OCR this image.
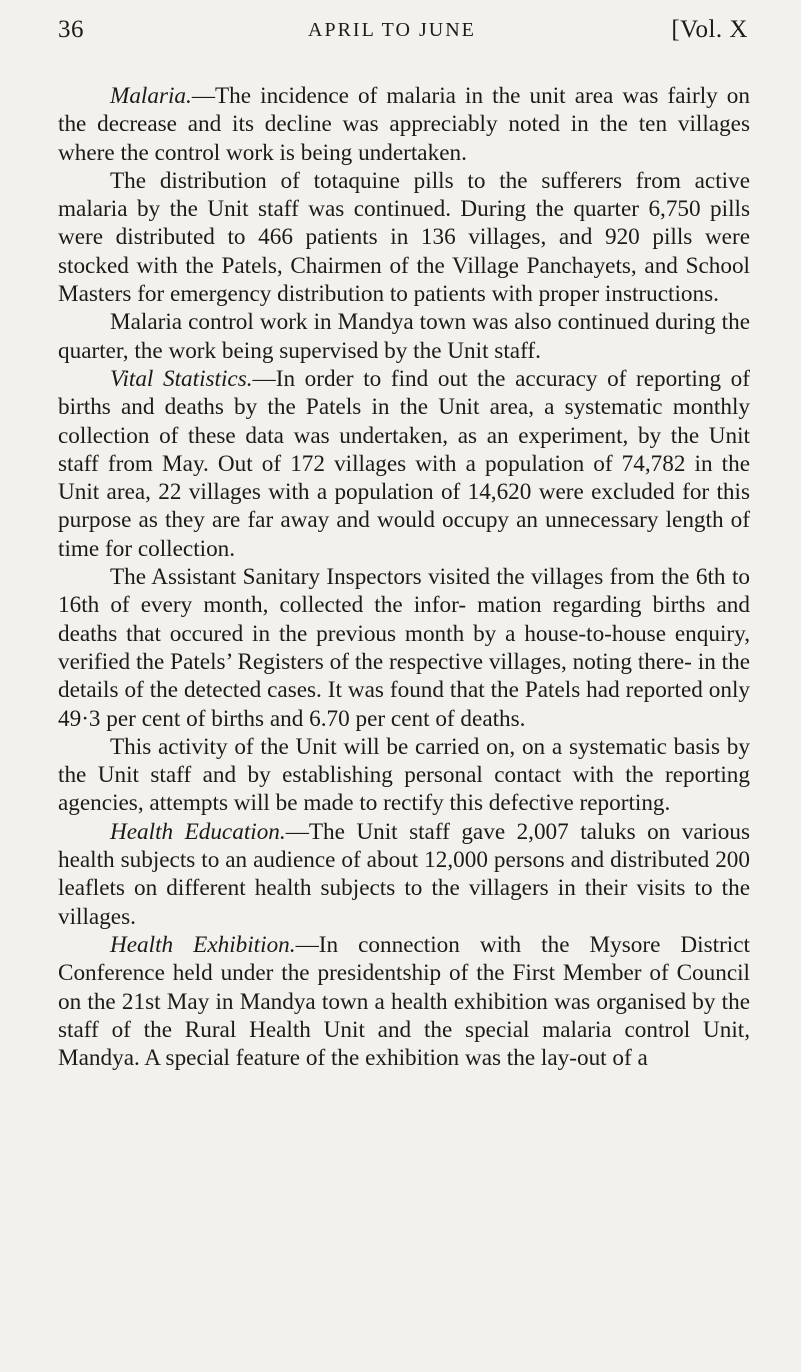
36	APRIL TO JUNE	[Vol. X

Malaria.—The incidence of malaria in the unit area was fairly on the decrease and its decline was appreciably noted in the ten villages where the control work is being undertaken.

The distribution of totaquine pills to the sufferers from active malaria by the Unit staff was continued. During the quarter 6,750 pills were distributed to 466 patients in 136 villages, and 920 pills were stocked with the Patels, Chairmen of the Village Panchayets, and School Masters for emergency distribution to patients with proper instructions.

Malaria control work in Mandya town was also continued during the quarter, the work being supervised by the Unit staff.

Vital Statistics.—In order to find out the accuracy of reporting of births and deaths by the Patels in the Unit area, a systematic monthly collection of these data was undertaken, as an experiment, by the Unit staff from May. Out of 172 villages with a population of 74,782 in the Unit area, 22 villages with a population of 14,620 were excluded for this purpose as they are far away and would occupy an unnecessary length of time for collection.

The Assistant Sanitary Inspectors visited the villages from the 6th to 16th of every month, collected the infor- mation regarding births and deaths that occured in the previous month by a house-to-house enquiry, verified the Patels’ Registers of the respective villages, noting there- in the details of the detected cases. It was found that the Patels had reported only 49·3 per cent of births and 6.70 per cent of deaths.

This activity of the Unit will be carried on, on a systematic basis by the Unit staff and by establishing personal contact with the reporting agencies, attempts will be made to rectify this defective reporting.

Health Education.—The Unit staff gave 2,007 taluks on various health subjects to an audience of about 12,000 persons and distributed 200 leaflets on different health subjects to the villagers in their visits to the villages.

Health Exhibition.—In connection with the Mysore District Conference held under the presidentship of the First Member of Council on the 21st May in Mandya town a health exhibition was organised by the staff of the Rural Health Unit and the special malaria control Unit, Mandya. A special feature of the exhibition was the lay-out of a
